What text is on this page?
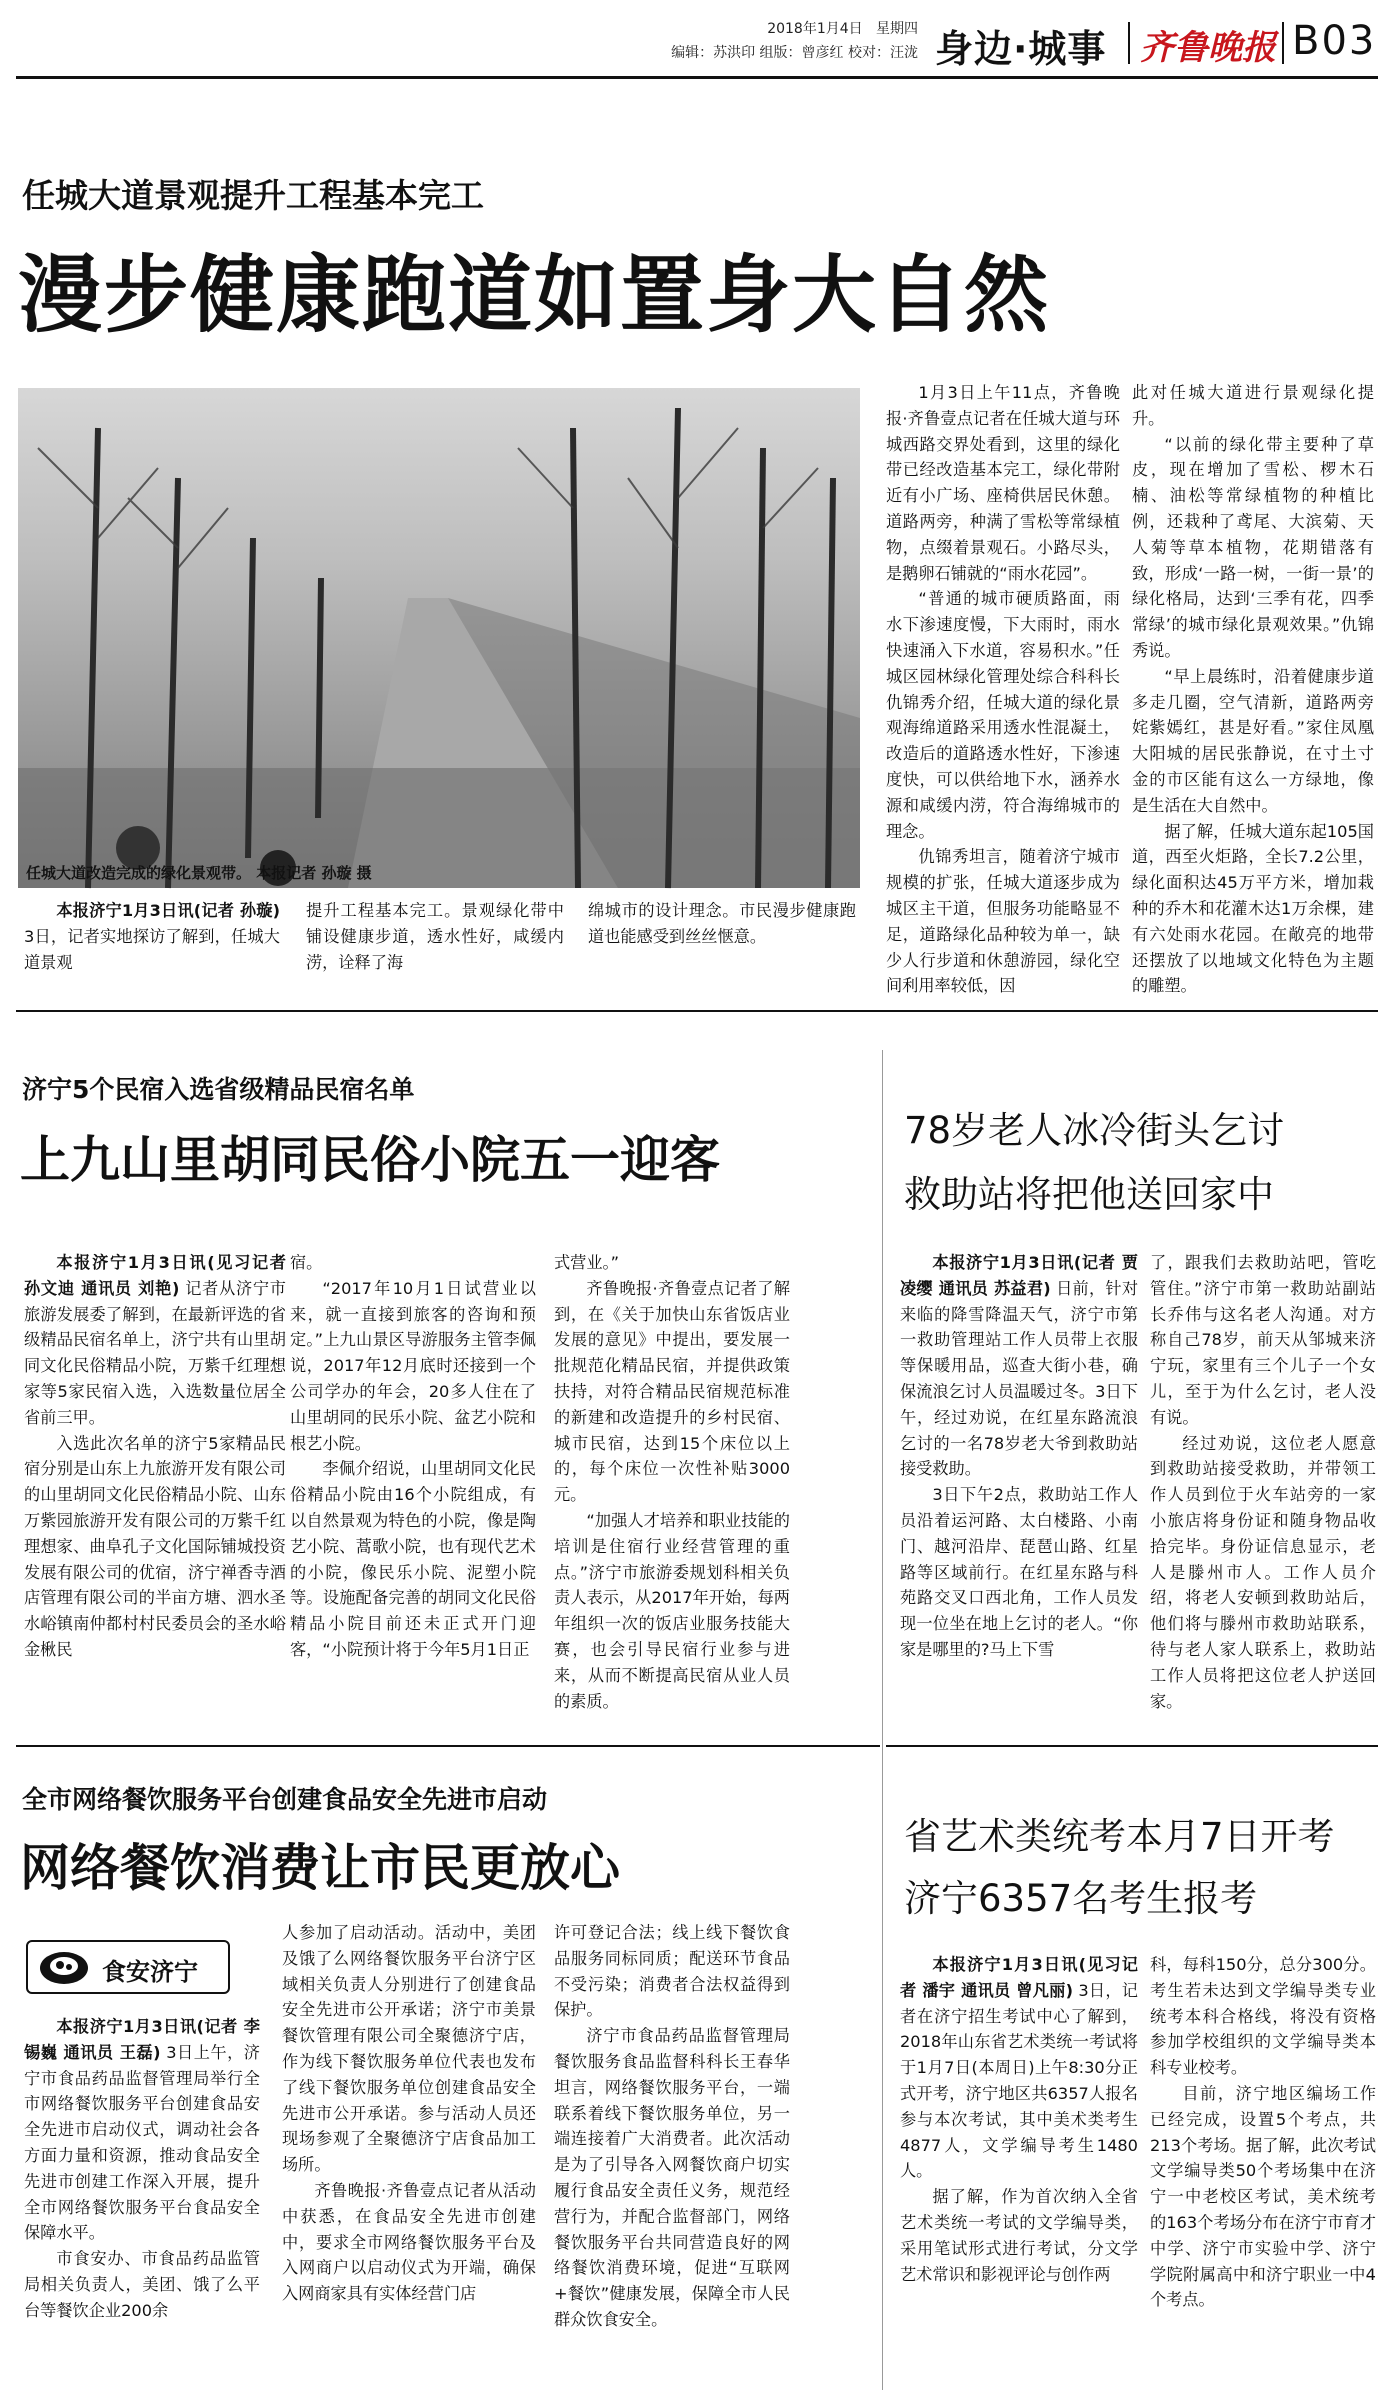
2018年1月4日 星期四
编辑：苏洪印 组版：曾彦红 校对：汪泷 身边·城事 齐鲁晚报 B03
任城大道景观提升工程基本完工
漫步健康跑道如置身大自然
任城大道改造完成的绿化景观带。 本报记者 孙璇 摄

本报济宁1月3日讯(记者 孙璇) 3日，记者实地探访了解到，任城大道景观

提升工程基本完工。景观绿化带中铺设健康步道，透水性好，咸缓内涝，诠释了海

绵城市的设计理念。市民漫步健康跑道也能感受到丝丝惬意。

1月3日上午11点，齐鲁晚报·齐鲁壹点记者在任城大道与环城西路交界处看到，这里的绿化带已经改造基本完工，绿化带附近有小广场、座椅供居民休憩。道路两旁，种满了雪松等常绿植物，点缀着景观石。小路尽头，是鹅卵石铺就的“雨水花园”。

“普通的城市硬质路面，雨水下渗速度慢，下大雨时，雨水快速涌入下水道，容易积水。”任城区园林绿化管理处综合科科长仇锦秀介绍，任城大道的绿化景观海绵道路采用透水性混凝土，改造后的道路透水性好，下渗速度快，可以供给地下水，涵养水源和咸缓内涝，符合海绵城市的理念。

仇锦秀坦言，随着济宁城市规模的扩张，任城大道逐步成为城区主干道，但服务功能略显不足，道路绿化品种较为单一，缺少人行步道和休憩游园，绿化空间利用率较低，因

此对任城大道进行景观绿化提升。

“以前的绿化带主要种了草皮，现在增加了雪松、椤木石楠、油松等常绿植物的种植比例，还栽种了鸢尾、大滨菊、天人菊等草本植物，花期错落有致，形成‘一路一树，一街一景’的绿化格局，达到‘三季有花，四季常绿’的城市绿化景观效果。”仇锦秀说。

“早上晨练时，沿着健康步道多走几圈，空气清新，道路两旁姹紫嫣红，甚是好看。”家住凤凰大阳城的居民张静说，在寸土寸金的市区能有这么一方绿地，像是生活在大自然中。

据了解，任城大道东起105国道，西至火炬路，全长7.2公里，绿化面积达45万平方米，增加栽种的乔木和花灌木达1万余棵，建有六处雨水花园。在敞亮的地带还摆放了以地域文化特色为主题的雕塑。

济宁5个民宿入选省级精品民宿名单
上九山里胡同民俗小院五一迎客

本报济宁1月3日讯(见习记者 孙文迪 通讯员 刘艳) 记者从济宁市旅游发展委了解到，在最新评选的省级精品民宿名单上，济宁共有山里胡同文化民俗精品小院，万紫千红理想家等5家民宿入选，入选数量位居全省前三甲。

入选此次名单的济宁5家精品民宿分别是山东上九旅游开发有限公司的山里胡同文化民俗精品小院、山东万紫园旅游开发有限公司的万紫千红理想家、曲阜孔子文化国际铺城投资发展有限公司的优宿，济宁禅香寺酒店管理有限公司的半亩方塘、泗水圣水峪镇南仲都村村民委员会的圣水峪金楸民

宿。

“2017年10月1日试营业以来，就一直接到旅客的咨询和预定。”上九山景区导游服务主管李佩说，2017年12月底时还接到一个公司学办的年会，20多人住在了山里胡同的民乐小院、盆艺小院和根艺小院。

李佩介绍说，山里胡同文化民俗精品小院由16个小院组成，有以自然景观为特色的小院，像是陶艺小院、蒿歌小院，也有现代艺术的小院，像民乐小院、泥塑小院等。设施配备完善的胡同文化民俗精品小院目前还未正式开门迎客，“小院预计将于今年5月1日正

式营业。”

齐鲁晚报·齐鲁壹点记者了解到，在《关于加快山东省饭店业发展的意见》中提出，要发展一批规范化精品民宿，并提供政策扶持，对符合精品民宿规范标准的新建和改造提升的乡村民宿、城市民宿，达到15个床位以上的，每个床位一次性补贴3000元。

“加强人才培养和职业技能的培训是住宿行业经营管理的重点。”济宁市旅游委规划科相关负责人表示，从2017年开始，每两年组织一次的饭店业服务技能大赛，也会引导民宿行业参与进来，从而不断提高民宿从业人员的素质。

78岁老人冰冷街头乞讨
救助站将把他送回家中

本报济宁1月3日讯(记者 贾凌缨 通讯员 苏益君) 日前，针对来临的降雪降温天气，济宁市第一救助管理站工作人员带上衣服等保暖用品，巡查大街小巷，确保流浪乞讨人员温暖过冬。3日下午，经过劝说，在红星东路流浪乞讨的一名78岁老大爷到救助站接受救助。

3日下午2点，救助站工作人员沿着运河路、太白楼路、小南门、越河沿岸、琵琶山路、红星路等区域前行。在红星东路与科苑路交叉口西北角，工作人员发现一位坐在地上乞讨的老人。“你家是哪里的?马上下雪

了，跟我们去救助站吧，管吃管住。”济宁市第一救助站副站长乔伟与这名老人沟通。对方称自己78岁，前天从邹城来济宁玩，家里有三个儿子一个女儿，至于为什么乞讨，老人没有说。

经过劝说，这位老人愿意到救助站接受救助，并带领工作人员到位于火车站旁的一家小旅店将身份证和随身物品收拾完毕。身份证信息显示，老人是滕州市人。工作人员介绍，将老人安顿到救助站后，他们将与滕州市救助站联系，待与老人家人联系上，救助站工作人员将把这位老人护送回家。

全市网络餐饮服务平台创建食品安全先进市启动
网络餐饮消费让市民更放心
食安济宁

本报济宁1月3日讯(记者 李锡巍 通讯员 王磊) 3日上午，济宁市食品药品监督管理局举行全市网络餐饮服务平台创建食品安全先进市启动仪式，调动社会各方面力量和资源，推动食品安全先进市创建工作深入开展，提升全市网络餐饮服务平台食品安全保障水平。

市食安办、市食品药品监管局相关负责人，美团、饿了么平台等餐饮企业200余

人参加了启动活动。活动中，美团及饿了么网络餐饮服务平台济宁区域相关负责人分别进行了创建食品安全先进市公开承诺；济宁市美景餐饮管理有限公司全聚德济宁店，作为线下餐饮服务单位代表也发布了线下餐饮服务单位创建食品安全先进市公开承诺。参与活动人员还现场参观了全聚德济宁店食品加工场所。

齐鲁晚报·齐鲁壹点记者从活动中获悉，在食品安全先进市创建中，要求全市网络餐饮服务平台及入网商户以启动仪式为开端，确保入网商家具有实体经营门店

许可登记合法；线上线下餐饮食品服务同标同质；配送环节食品不受污染；消费者合法权益得到保护。

济宁市食品药品监督管理局餐饮服务食品监督科科长王春华坦言，网络餐饮服务平台，一端联系着线下餐饮服务单位，另一端连接着广大消费者。此次活动是为了引导各入网餐饮商户切实履行食品安全责任义务，规范经营行为，并配合监督部门，网络餐饮服务平台共同营造良好的网络餐饮消费环境，促进“互联网+餐饮”健康发展，保障全市人民群众饮食安全。

省艺术类统考本月7日开考
济宁6357名考生报考

本报济宁1月3日讯(见习记者 潘宇 通讯员 曾凡丽) 3日，记者在济宁招生考试中心了解到，2018年山东省艺术类统一考试将于1月7日(本周日)上午8:30分正式开考，济宁地区共6357人报名参与本次考试，其中美术类考生4877人，文学编导考生1480人。

据了解，作为首次纳入全省艺术类统一考试的文学编导类，采用笔试形式进行考试，分文学艺术常识和影视评论与创作两

科，每科150分，总分300分。考生若未达到文学编导类专业统考本科合格线，将没有资格参加学校组织的文学编导类本科专业校考。

目前，济宁地区编场工作已经完成，设置5个考点，共213个考场。据了解，此次考试文学编导类50个考场集中在济宁一中老校区考试，美术统考的163个考场分布在济宁市育才中学、济宁市实验中学、济宁学院附属高中和济宁职业一中4个考点。
